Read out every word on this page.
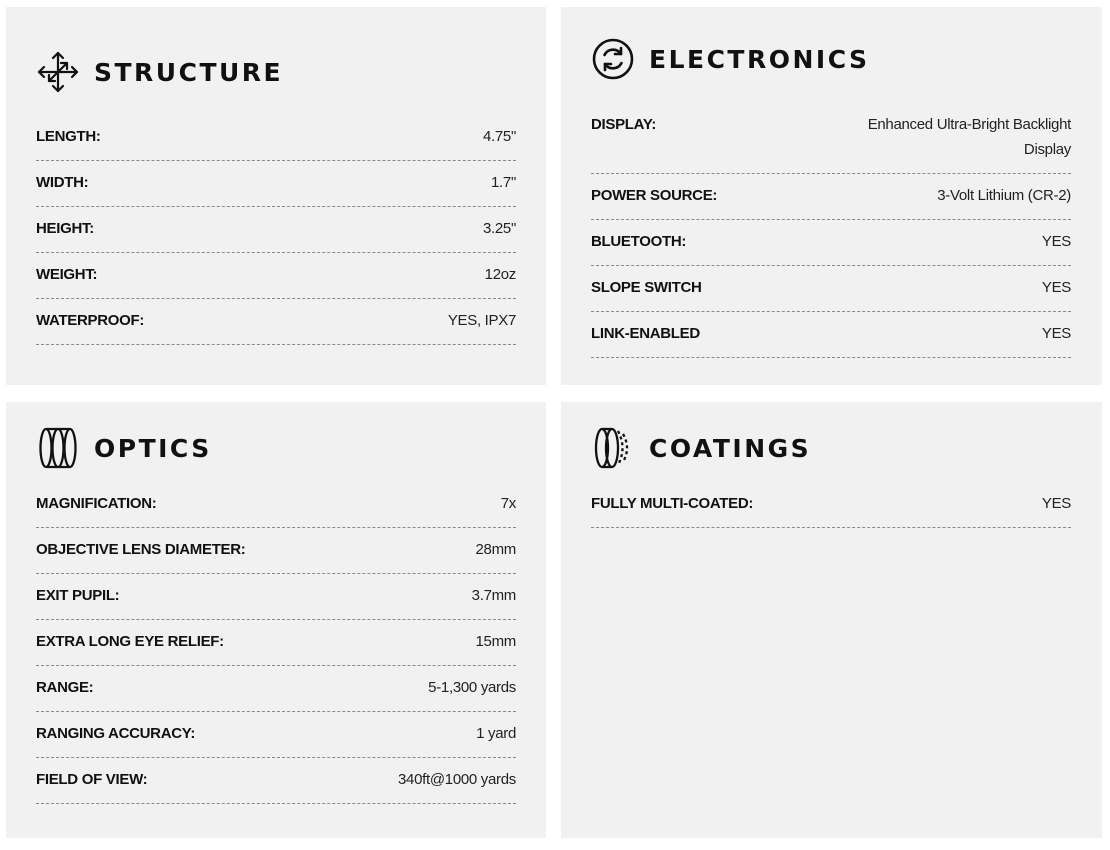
STRUCTURE
LENGTH:	4.75"
WIDTH:	1.7"
HEIGHT:	3.25"
WEIGHT:	12oz
WATERPROOF:	YES, IPX7
ELECTRONICS
DISPLAY:	Enhanced Ultra-Bright Backlight Display
POWER SOURCE:	3-Volt Lithium (CR-2)
BLUETOOTH:	YES
SLOPE SWITCH	YES
LINK-ENABLED	YES
OPTICS
MAGNIFICATION:	7x
OBJECTIVE LENS DIAMETER:	28mm
EXIT PUPIL:	3.7mm
EXTRA LONG EYE RELIEF:	15mm
RANGE:	5-1,300 yards
RANGING ACCURACY:	1 yard
FIELD OF VIEW:	340ft@1000 yards
COATINGS
FULLY MULTI-COATED:	YES
